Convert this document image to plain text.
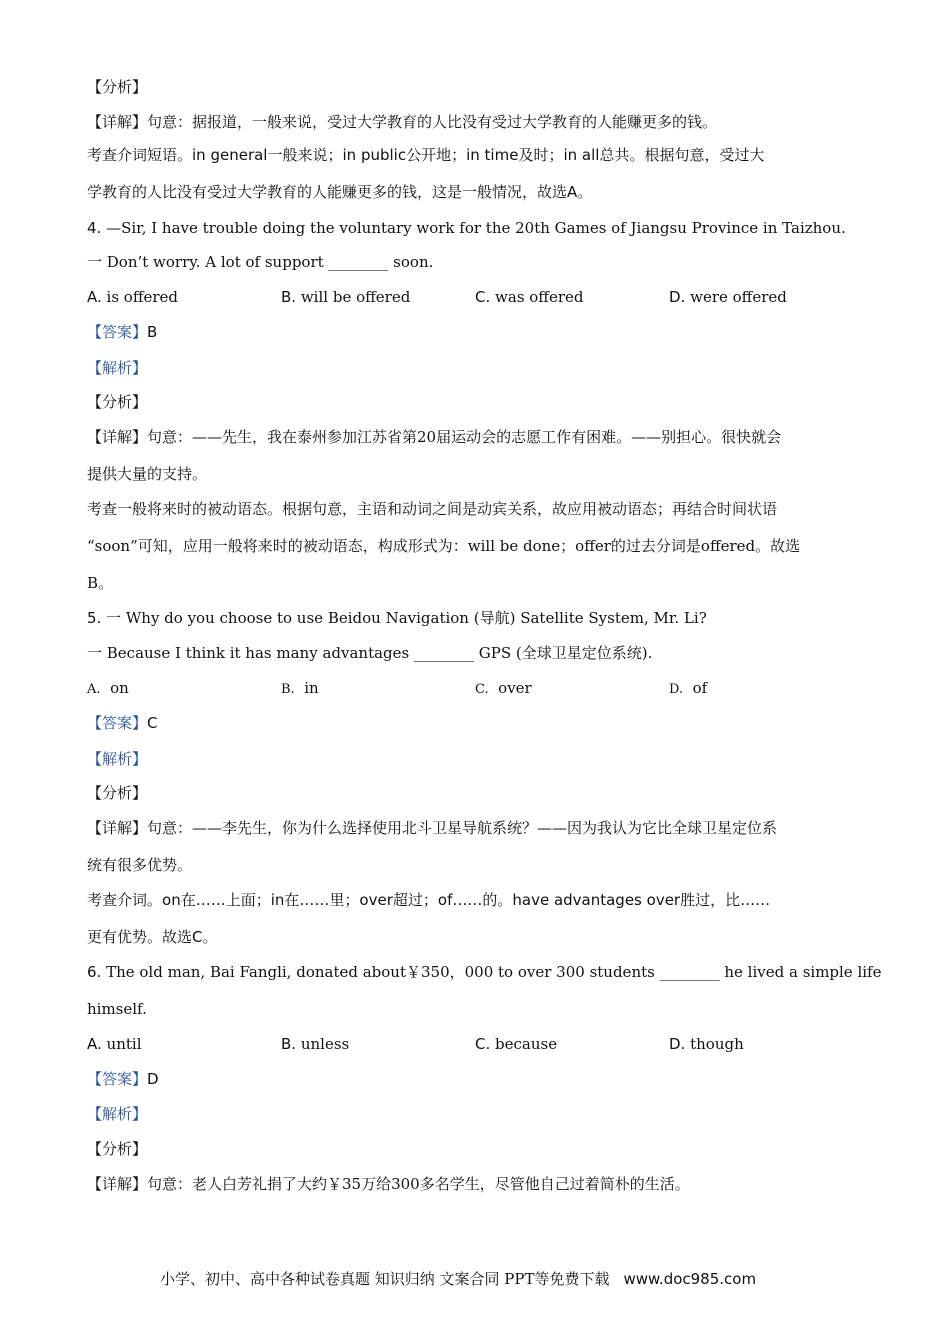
【分析】
【详解】句意：据报道，一般来说，受过大学教育的人比没有受过大学教育的人能赚更多的钱。
考查介词短语。in general一般来说；in public公开地；in time及时；in all总共。根据句意，受过大
学教育的人比没有受过大学教育的人能赚更多的钱，这是一般情况，故选A。
4. —Sir, I have trouble doing the voluntary work for the 20th Games of Jiangsu Province in Taizhou.
一 Don’t worry. A lot of support ________ soon.
A. is offered	B. will be offered	C. was offered	D. were offered
【答案】B
【解析】
【分析】
【详解】句意：——先生，我在泰州参加江苏省第20届运动会的志愿工作有困难。——别担心。很快就会
提供大量的支持。
考查一般将来时的被动语态。根据句意，主语和动词之间是动宾关系，故应用被动语态；再结合时间状语
“soon”可知，应用一般将来时的被动语态，构成形式为：will be done；offer的过去分词是offered。故选
B。
5. 一 Why do you choose to use Beidou Navigation (导航) Satellite System, Mr. Li?
一 Because I think it has many advantages ________ GPS (全球卫星定位系统).
A. on	B. in	C. over	D. of
【答案】C
【解析】
【分析】
【详解】句意：——李先生，你为什么选择使用北斗卫星导航系统？——因为我认为它比全球卫星定位系
统有很多优势。
考查介词。on在……上面；in在……里；over超过；of……的。have advantages over胜过，比……
更有优势。故选C。
6. The old man, Bai Fangli, donated about￥350，000 to over 300 students ________ he lived a simple life
himself.
A. until	B. unless	C. because	D. though
【答案】D
【解析】
【分析】
【详解】句意：老人白芳礼捐了大约￥35万给300多名学生，尽管他自己过着简朴的生活。
小学、初中、高中各种试卷真题 知识归纳 文案合同 PPT等免费下载 www.doc985.com
